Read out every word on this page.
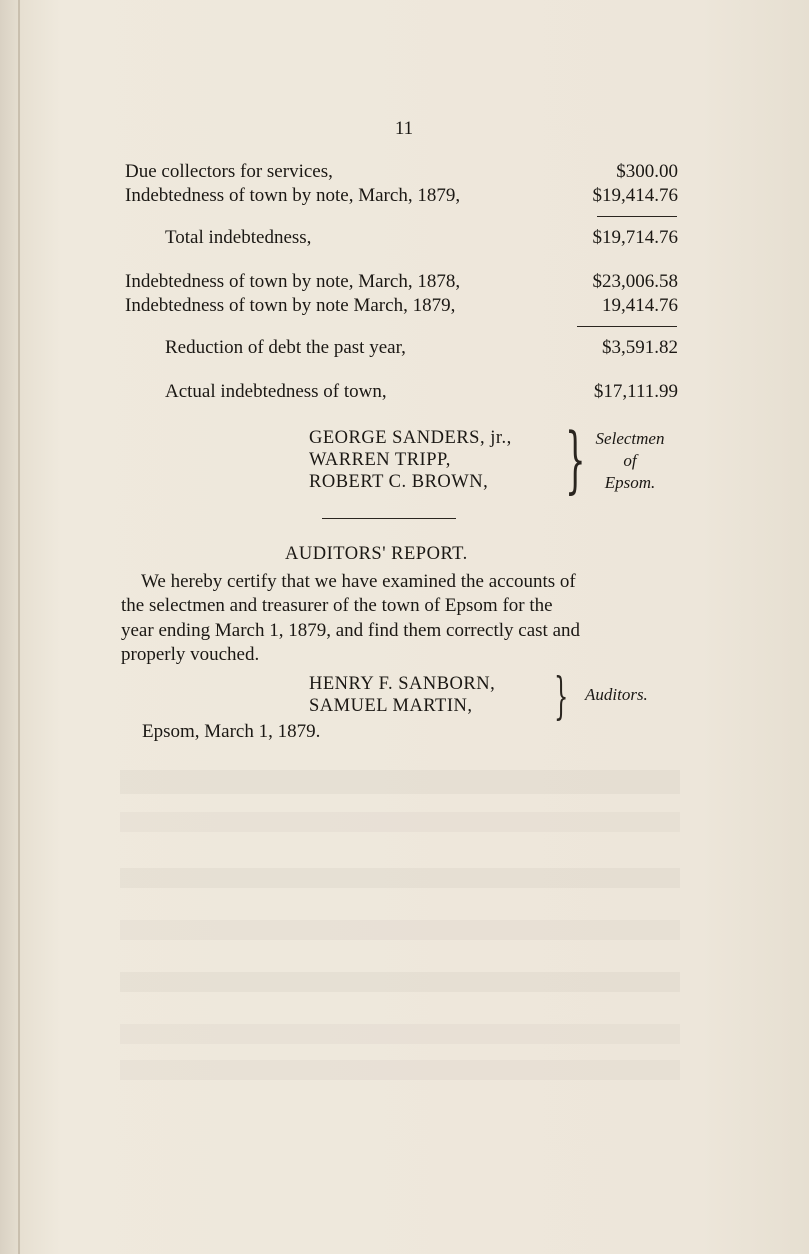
11
Due collectors for services,	$300.00
Indebtedness of town by note, March, 1879,	$19,414.76
Total indebtedness,	$19,714.76
Indebtedness of town by note, March, 1878,	$23,006.58
Indebtedness of town by note March, 1879,	19,414.76
Reduction of debt the past year,	$3,591.82
Actual indebtedness of town,	$17,111.99
GEORGE SANDERS, jr.,
WARREN TRIPP,
ROBERT C. BROWN, } Selectmen
of
Epsom.
AUDITORS' REPORT.
We hereby certify that we have examined the accounts of
the selectmen and treasurer of the town of Epsom for the
year ending March 1, 1879, and find them correctly cast and
properly vouched.
HENRY F. SANBORN,
SAMUEL MARTIN, } Auditors.
Epsom, March 1, 1879.
